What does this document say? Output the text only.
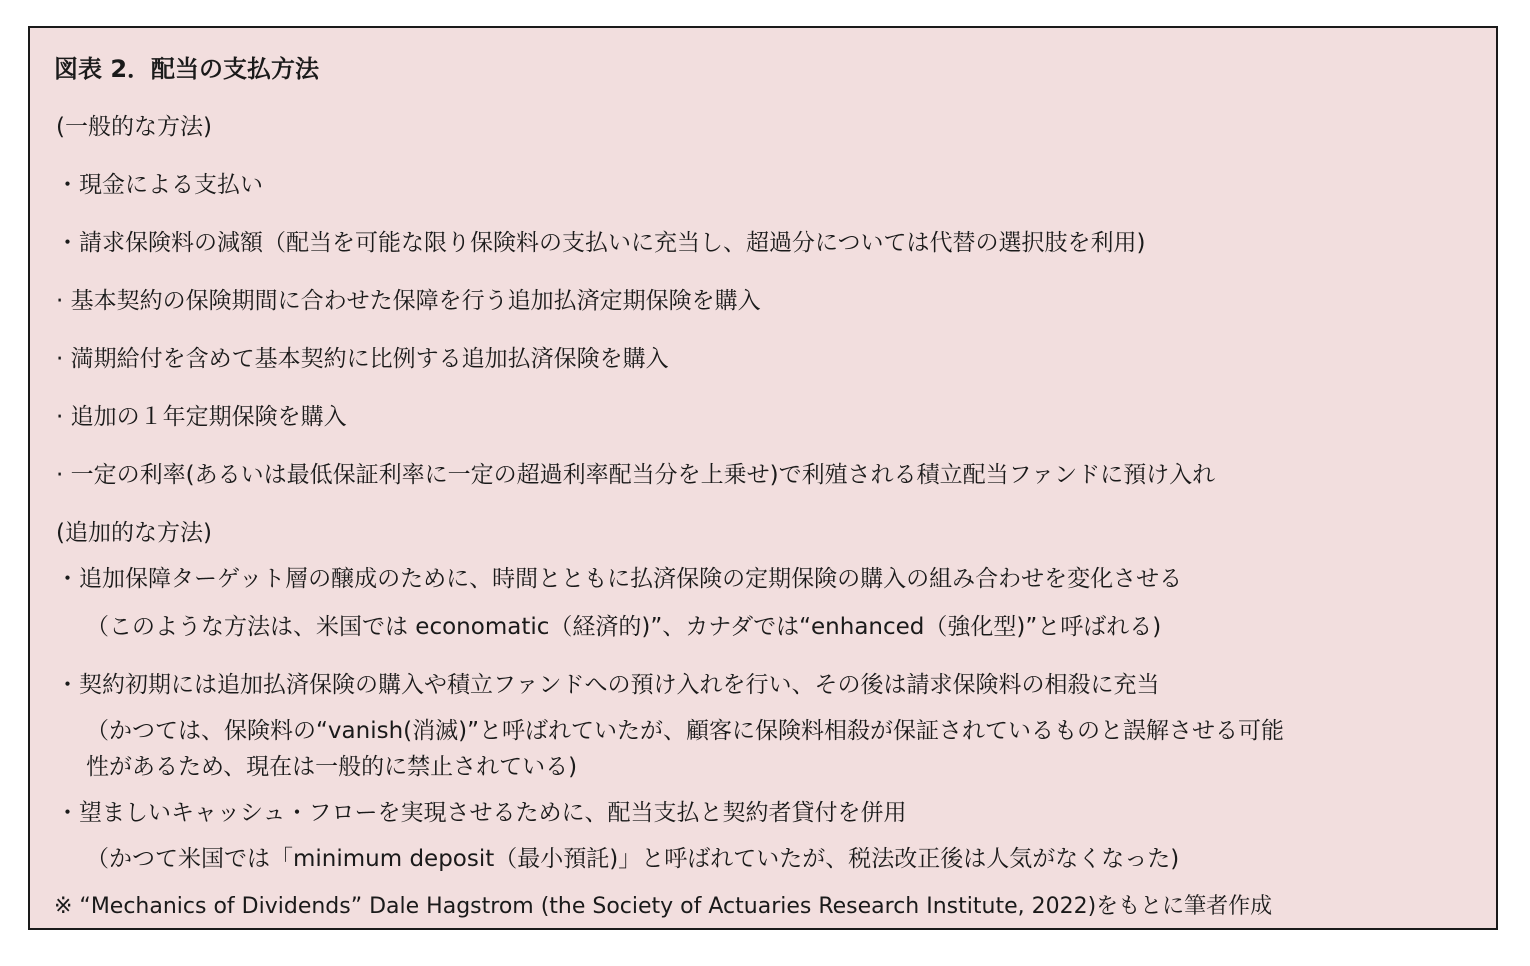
図表 2．配当の支払方法
(一般的な方法)
・現金による支払い
・請求保険料の減額（配当を可能な限り保険料の支払いに充当し、超過分については代替の選択肢を利用)
· 基本契約の保険期間に合わせた保障を行う追加払済定期保険を購入
· 満期給付を含めて基本契約に比例する追加払済保険を購入
· 追加の１年定期保険を購入
· 一定の利率(あるいは最低保証利率に一定の超過利率配当分を上乗せ)で利殖される積立配当ファンドに預け入れ
(追加的な方法)
・追加保障ターゲット層の醸成のために、時間とともに払済保険の定期保険の購入の組み合わせを変化させる
（このような方法は、米国では economatic（経済的)”、カナダでは“enhanced（強化型)”と呼ばれる)
・契約初期には追加払済保険の購入や積立ファンドへの預け入れを行い、その後は請求保険料の相殺に充当
（かつては、保険料の“vanish(消滅)”と呼ばれていたが、顧客に保険料相殺が保証されているものと誤解させる可能
性があるため、現在は一般的に禁止されている)
・望ましいキャッシュ・フローを実現させるために、配当支払と契約者貸付を併用
（かつて米国では「minimum deposit（最小預託)」と呼ばれていたが、税法改正後は人気がなくなった)
※ “Mechanics of Dividends” Dale Hagstrom (the Society of Actuaries Research Institute, 2022)をもとに筆者作成
